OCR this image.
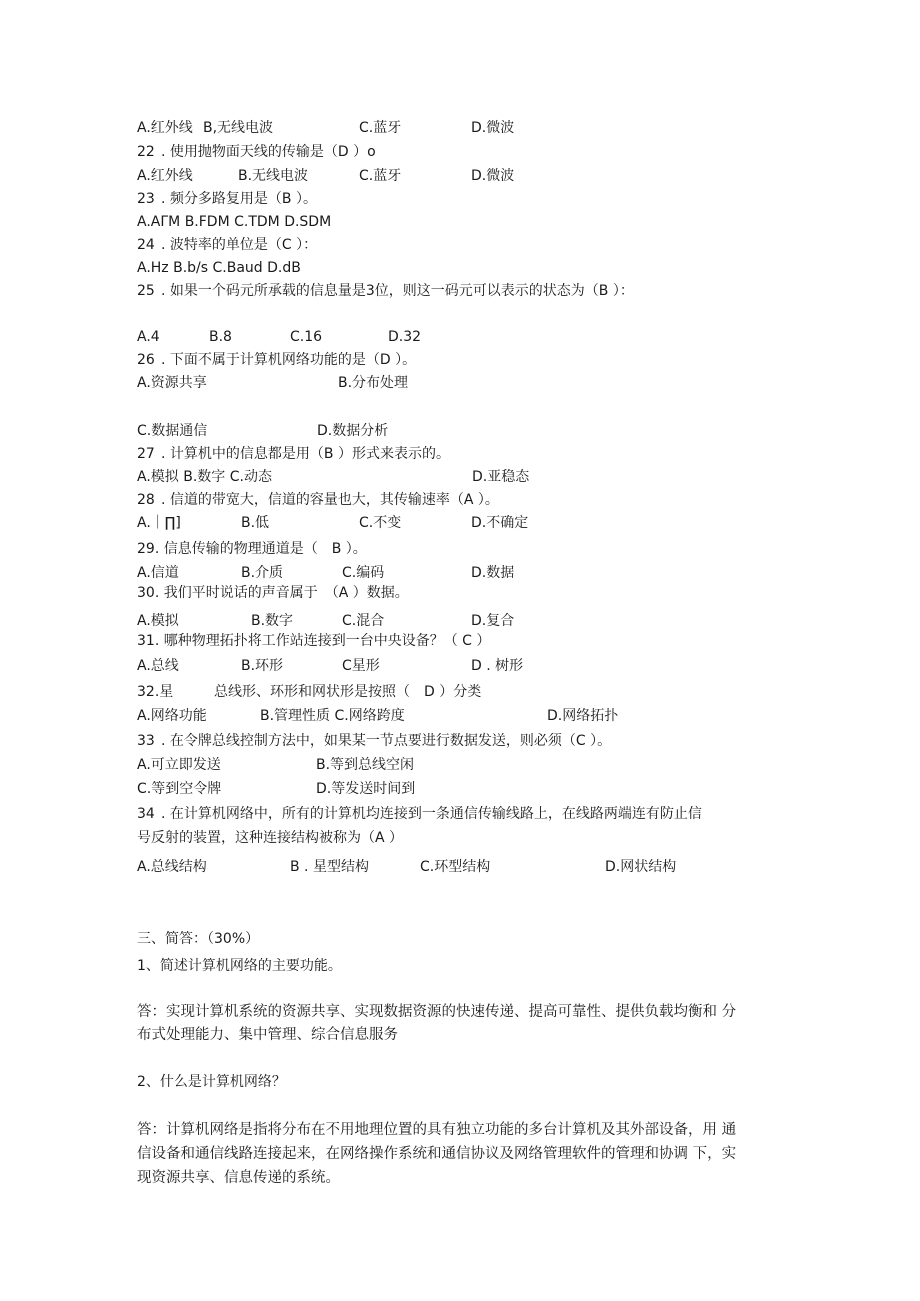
A.红外线 B,无线电波	C.蓝牙	D.微波
22 . 使用抛物面天线的传输是（D ）o
A.红外线	B.无线电波	C.蓝牙	D.微波
23 . 频分多路复用是（B ）。
A.AΓM B.FDM C.TDM D.SDM
24 . 波特率的单位是（C ）：
A.Hz B.b/s C.Baud D.dB
25 . 如果一个码元所承载的信息量是3位，则这一码元可以表示的状态为（B ）：
A.4	B.8	C.16	D.32
26 . 下面不属于计算机网络功能的是（D ）。
A.资源共享	B.分布处理
C.数据通信	D.数据分析
27 . 计算机中的信息都是用（B ）形式来表示的。
A.模拟 B.数字 C.动态	D.亚稳态
28 . 信道的带宽大，信道的容量也大，其传输速率（A ）。
A.｜∏]	B.低	C.不变	D.不确定
29. 信息传输的物理通道是（　B ）。
A.信道	B.介质	C.编码	D.数据
30. 我们平时说话的声音属于　（A ）数据。
A.模拟	B.数字	C.混合	D.复合
31. 哪种物理拓扑将工作站连接到一台中央设备？（ C ）
A.总线	B.环形	C星形	D . 树形
32.星	总线形、环形和网状形是按照（　D ）分类
A.网络功能	B.管理性质 C.网络跨度	D.网络拓扑
33 . 在令牌总线控制方法中，如果某一节点要进行数据发送，则必须（C ）。
A.可立即发送	B.等到总线空闲
C.等到空令牌	D.等发送时间到
34 . 在计算机网络中，所有的计算机均连接到一条通信传输线路上，在线路两端连有防止信
号反射的装置，这种连接结构被称为（A ）
A.总线结构	B . 星型结构	C.环型结构	D.网状结构
三、简答：（30%）
1、简述计算机网络的主要功能。
答：实现计算机系统的资源共享、实现数据资源的快速传递、提高可靠性、提供负载均衡和 分
布式处理能力、集中管理、综合信息服务
2、什么是计算机网络？
答：计算机网络是指将分布在不用地理位置的具有独立功能的多台计算机及其外部设备，用 通
信设备和通信线路连接起来，在网络操作系统和通信协议及网络管理软件的管理和协调 下，实
现资源共享、信息传递的系统。
